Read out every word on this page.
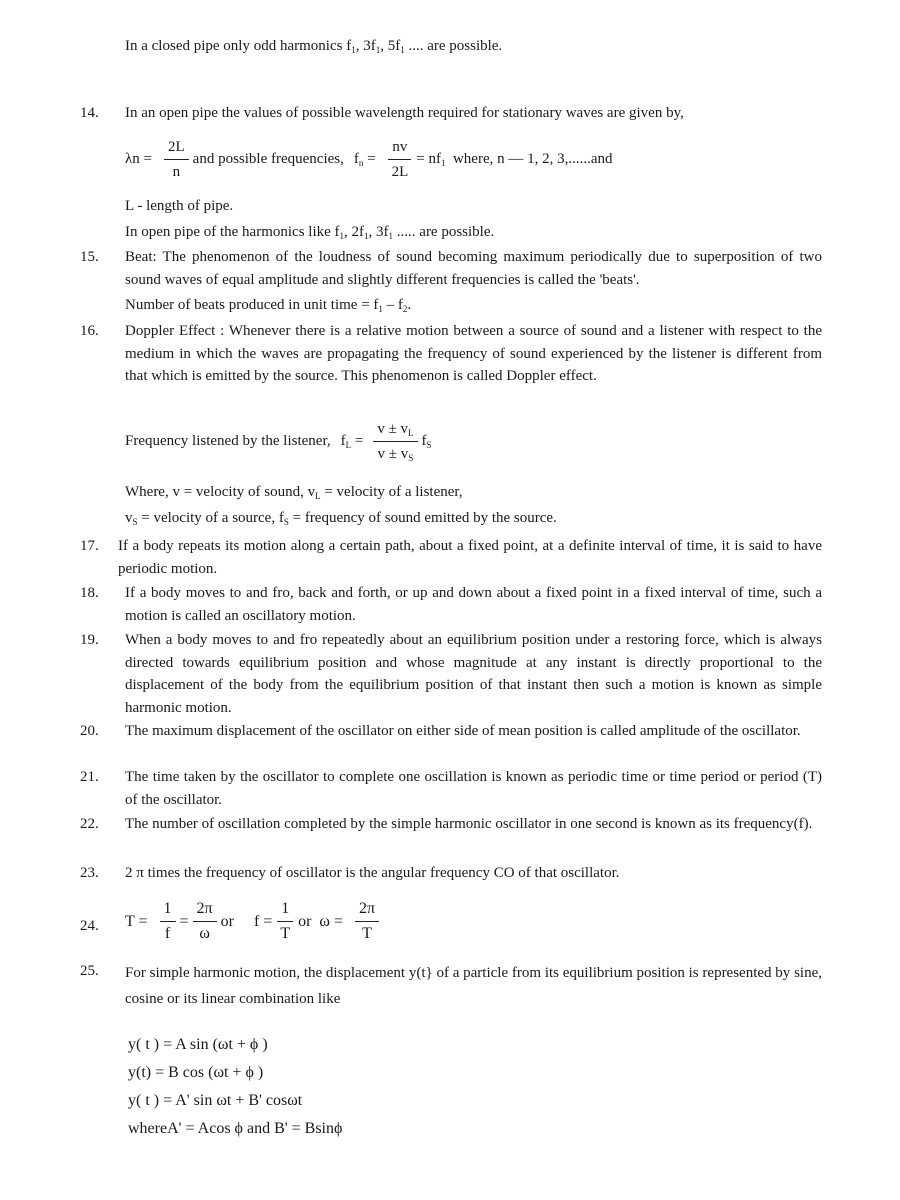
In a closed pipe only odd harmonics $f_1$, $3f_1$, $5f_1$ .... are possible.
14. In an open pipe the values of possible wavelength required for stationary waves are given by,
$\lambda n = \frac{2L}{n}$ and possible frequencies, $f_n = \frac{nv}{2L} = nf_1$  where, n — 1, 2, 3,......and
L - length of pipe.
In open pipe of the harmonics like $f_1$, $2f_1$, $3f_1$ ..... are possible.
15. Beat: The phenomenon of the loudness of sound becoming maximum periodically due to superposition of two sound waves of equal amplitude and slightly different frequencies is called the 'beats'.
Number of beats produced in unit time = $f_1 - f_2$.
16. Doppler Effect : Whenever there is a relative motion between a source of sound and a listener with respect to the medium in which the waves are propagating the frequency of sound experienced by the listener is different from that which is emitted by the source. This phenomenon is called Doppler effect.
Frequency listened by the listener, $f_L = \frac{v \pm v_L}{v \pm v_S} f_S$
Where, v = velocity of sound, $v_L$ = velocity of a listener,
$v_S$ = velocity of a source, $f_S$ = frequency of sound emitted by the source.
17. If a body repeats its motion along a certain path, about a fixed point, at a definite interval of time, it is said to have periodic motion.
18. If a body moves to and fro, back and forth, or up and down about a fixed point in a fixed interval of time, such a motion is called an oscillatory motion.
19. When a body moves to and fro repeatedly about an equilibrium position under a restoring force, which is always directed towards equilibrium position and whose magnitude at any instant is directly proportional to the displacement of the body from the equilibrium position of that instant then such a motion is known as simple harmonic motion.
20. The maximum displacement of the oscillator on either side of mean position is called amplitude of the oscillator.
21. The time taken by the oscillator to complete one oscillation is known as periodic time or time period or period (T) of the oscillator.
22. The number of oscillation completed by the simple harmonic oscillator in one second is known as its frequency(f).
23. 2 π times the frequency of oscillator is the angular frequency CO of that oscillator.
24. $T = \frac{1}{f} = \frac{2\pi}{\omega}$ or $f = \frac{1}{T}$ or  $\omega = \frac{2\pi}{T}$
25. For simple harmonic motion, the displacement y(t} of a particle from its equilibrium position is represented by sine, cosine or its linear combination like
y( t ) = A sin (ωt + ϕ )
y(t) = B cos (ωt + ϕ )
y( t ) = A' sin ωt + B' cosωt
whereA' = Acos ϕ and B' = Bsinϕ
